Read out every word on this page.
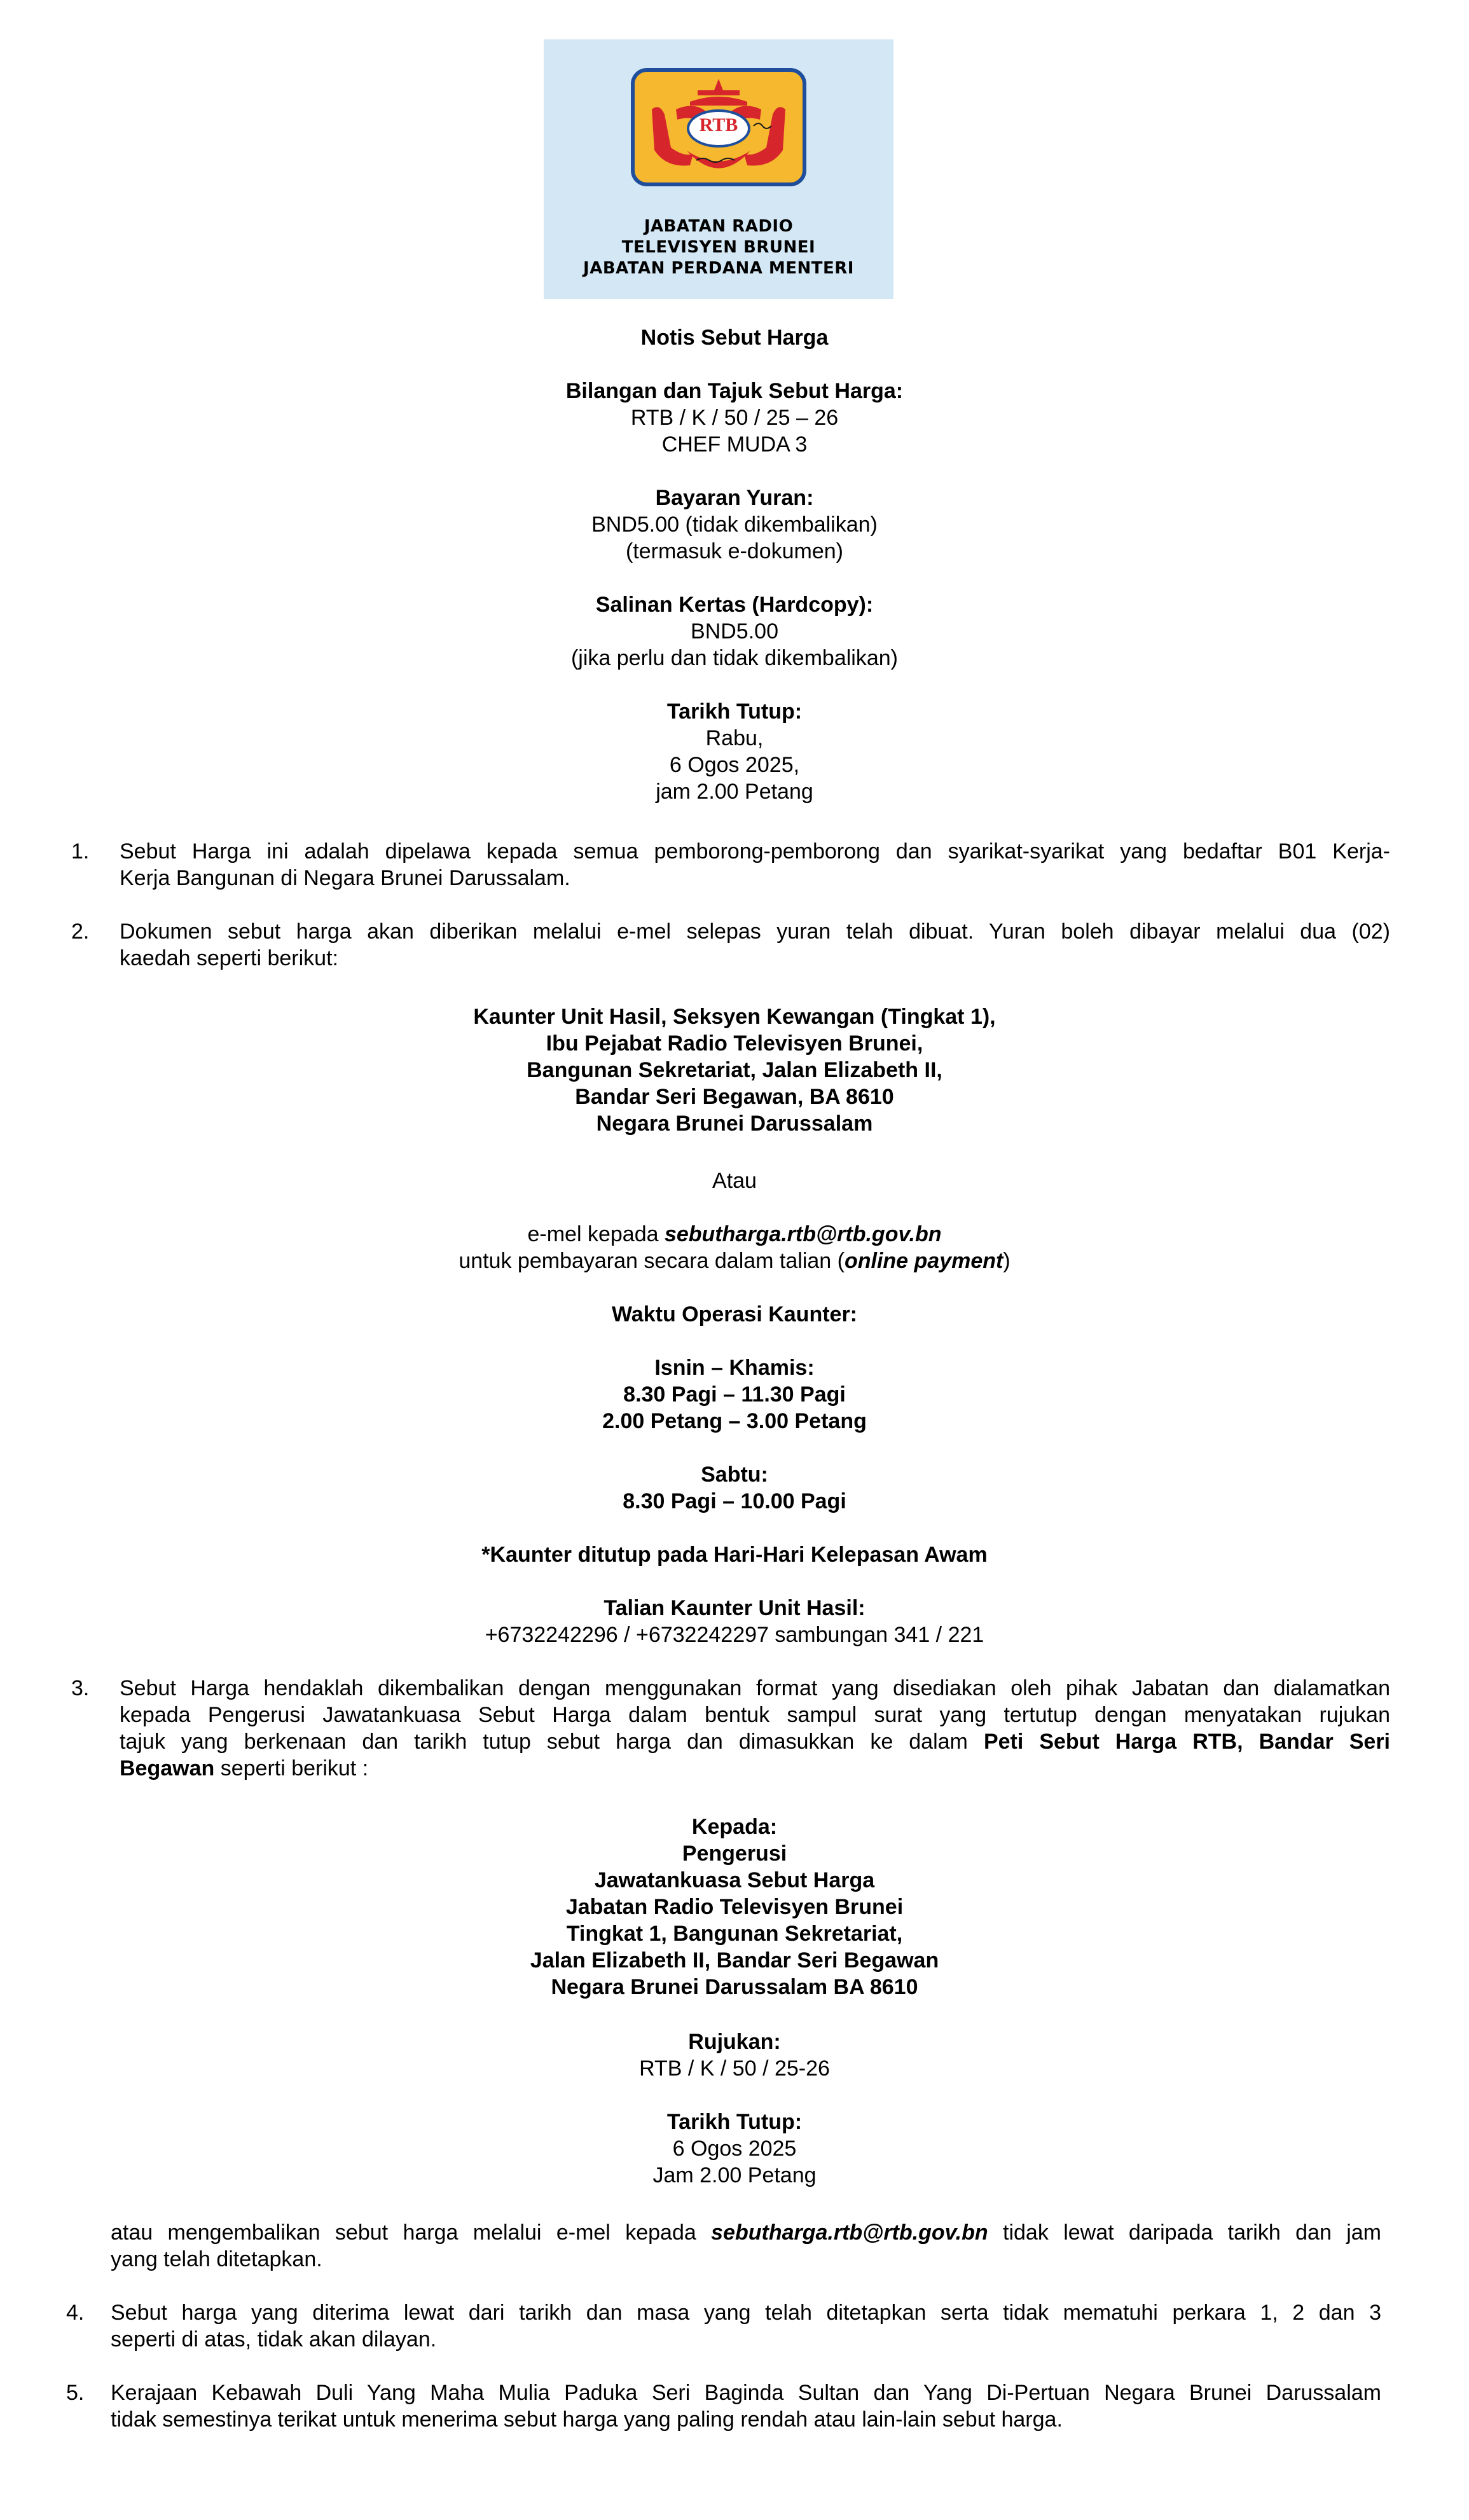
RTB
JABATAN RADIO
TELEVISYEN BRUNEI
JABATAN PERDANA MENTERI
Notis Sebut Harga
Bilangan dan Tajuk Sebut Harga:
RTB / K / 50 / 25 – 26
CHEF MUDA 3
Bayaran Yuran:
BND5.00 (tidak dikembalikan)
(termasuk e-dokumen)
Salinan Kertas (Hardcopy):
BND5.00
(jika perlu dan tidak dikembalikan)
Tarikh Tutup:
Rabu,
6 Ogos 2025,
jam 2.00 Petang
1. Sebut Harga ini adalah dipelawa kepada semua pemborong-pemborong dan syarikat-syarikat yang bedaftar B01 Kerja-
Kerja Bangunan di Negara Brunei Darussalam.
2. Dokumen sebut harga akan diberikan melalui e-mel selepas yuran telah dibuat. Yuran boleh dibayar melalui dua (02)
kaedah seperti berikut:
Kaunter Unit Hasil, Seksyen Kewangan (Tingkat 1),
Ibu Pejabat Radio Televisyen Brunei,
Bangunan Sekretariat, Jalan Elizabeth II,
Bandar Seri Begawan, BA 8610
Negara Brunei Darussalam
Atau
e-mel kepada sebutharga.rtb@rtb.gov.bn
untuk pembayaran secara dalam talian (online payment)
Waktu Operasi Kaunter:
Isnin – Khamis:
8.30 Pagi – 11.30 Pagi
2.00 Petang – 3.00 Petang
Sabtu:
8.30 Pagi – 10.00 Pagi
*Kaunter ditutup pada Hari-Hari Kelepasan Awam
Talian Kaunter Unit Hasil:
+6732242296 / +6732242297 sambungan 341 / 221
3. Sebut Harga hendaklah dikembalikan dengan menggunakan format yang disediakan oleh pihak Jabatan dan dialamatkan
kepada Pengerusi Jawatankuasa Sebut Harga dalam bentuk sampul surat yang tertutup dengan menyatakan rujukan
tajuk yang berkenaan dan tarikh tutup sebut harga dan dimasukkan ke dalam Peti Sebut Harga RTB, Bandar Seri
Begawan seperti berikut :
Kepada:
Pengerusi
Jawatankuasa Sebut Harga
Jabatan Radio Televisyen Brunei
Tingkat 1, Bangunan Sekretariat,
Jalan Elizabeth II, Bandar Seri Begawan
Negara Brunei Darussalam BA 8610
Rujukan:
RTB / K / 50 / 25-26
Tarikh Tutup:
6 Ogos 2025
Jam 2.00 Petang
atau mengembalikan sebut harga melalui e-mel kepada sebutharga.rtb@rtb.gov.bn tidak lewat daripada tarikh dan jam
yang telah ditetapkan.
4. Sebut harga yang diterima lewat dari tarikh dan masa yang telah ditetapkan serta tidak mematuhi perkara 1, 2 dan 3
seperti di atas, tidak akan dilayan.
5. Kerajaan Kebawah Duli Yang Maha Mulia Paduka Seri Baginda Sultan dan Yang Di-Pertuan Negara Brunei Darussalam
tidak semestinya terikat untuk menerima sebut harga yang paling rendah atau lain-lain sebut harga.
